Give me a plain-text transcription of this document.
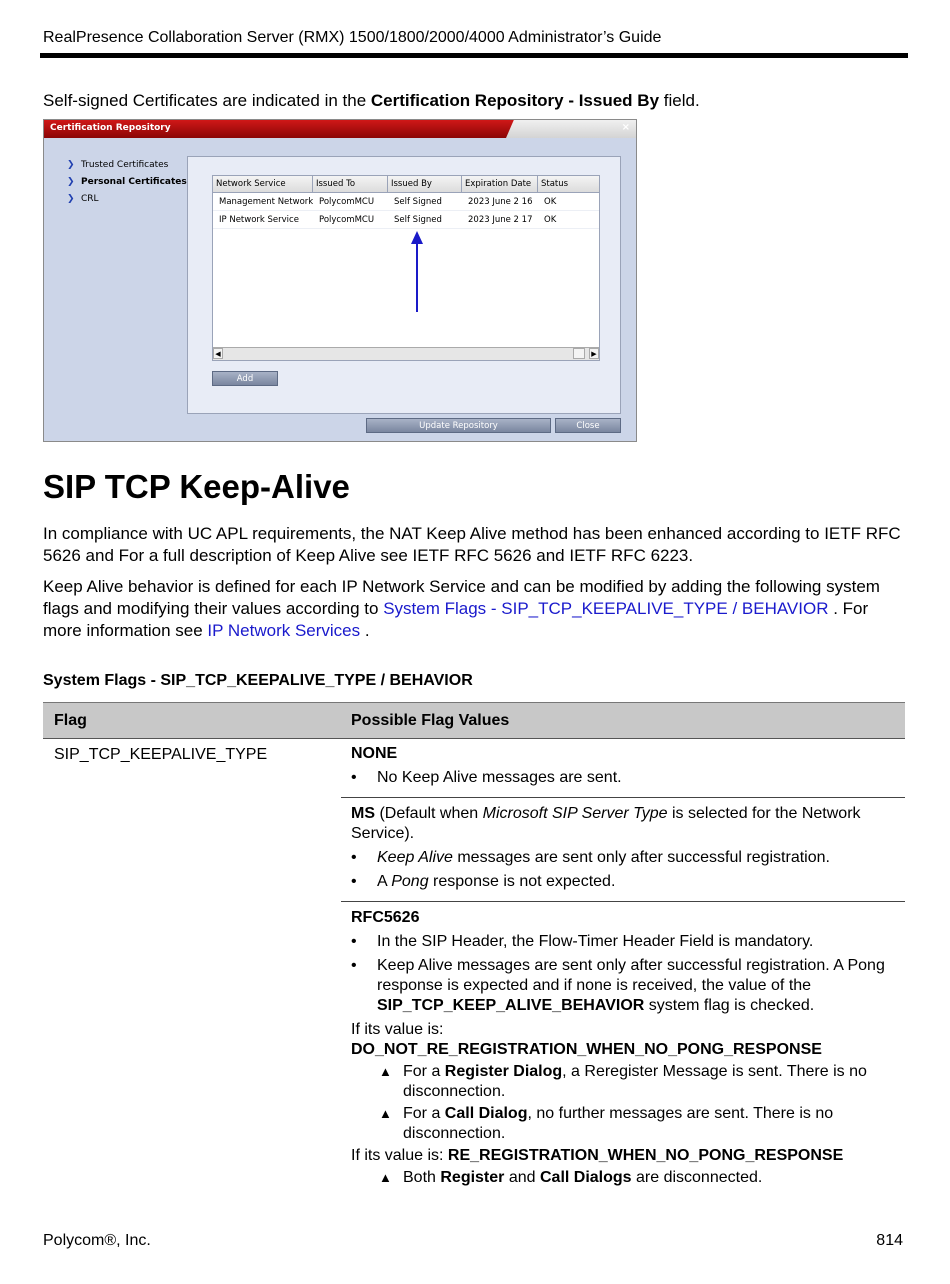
RealPresence Collaboration Server (RMX) 1500/1800/2000/4000 Administrator’s Guide
Self-signed Certificates are indicated in the Certification Repository - Issued By field.
Certification Repository	×
❯ Trusted Certificates
❯ Personal Certificates
❯ CRL
Network Service	Issued To	Issued By	Expiration Date	Status
Management Network PolycomMCU	Self Signed	2023 June 2 16	OK
IP Network Service	PolycomMCU	Self Signed	2023 June 2 17	OK
◀	▶
Add
Update Repository	Close
SIP TCP Keep-Alive
In compliance with UC APL requirements, the NAT Keep Alive method has been enhanced according to IETF RFC 5626 and For a full description of Keep Alive see IETF RFC 5626 and IETF RFC 6223.
Keep Alive behavior is defined for each IP Network Service and can be modified by adding the following system flags and modifying their values according to System Flags - SIP_TCP_KEEPALIVE_TYPE / BEHAVIOR . For more information see IP Network Services .
System Flags - SIP_TCP_KEEPALIVE_TYPE / BEHAVIOR
Flag	Possible Flag Values
SIP_TCP_KEEPALIVE_TYPE	NONE
• No Keep Alive messages are sent.
MS (Default when Microsoft SIP Server Type is selected for the Network Service).
• Keep Alive messages are sent only after successful registration.
• A Pong response is not expected.
RFC5626
• In the SIP Header, the Flow-Timer Header Field is mandatory.
• Keep Alive messages are sent only after successful registration. A Pong response is expected and if none is received, the value of the SIP_TCP_KEEP_ALIVE_BEHAVIOR system flag is checked.
If its value is:
DO_NOT_RE_REGISTRATION_WHEN_NO_PONG_RESPONSE
▲ For a Register Dialog, a Reregister Message is sent. There is no disconnection.
▲ For a Call Dialog, no further messages are sent. There is no disconnection.
If its value is: RE_REGISTRATION_WHEN_NO_PONG_RESPONSE
▲ Both Register and Call Dialogs are disconnected.
Polycom®, Inc.	814
